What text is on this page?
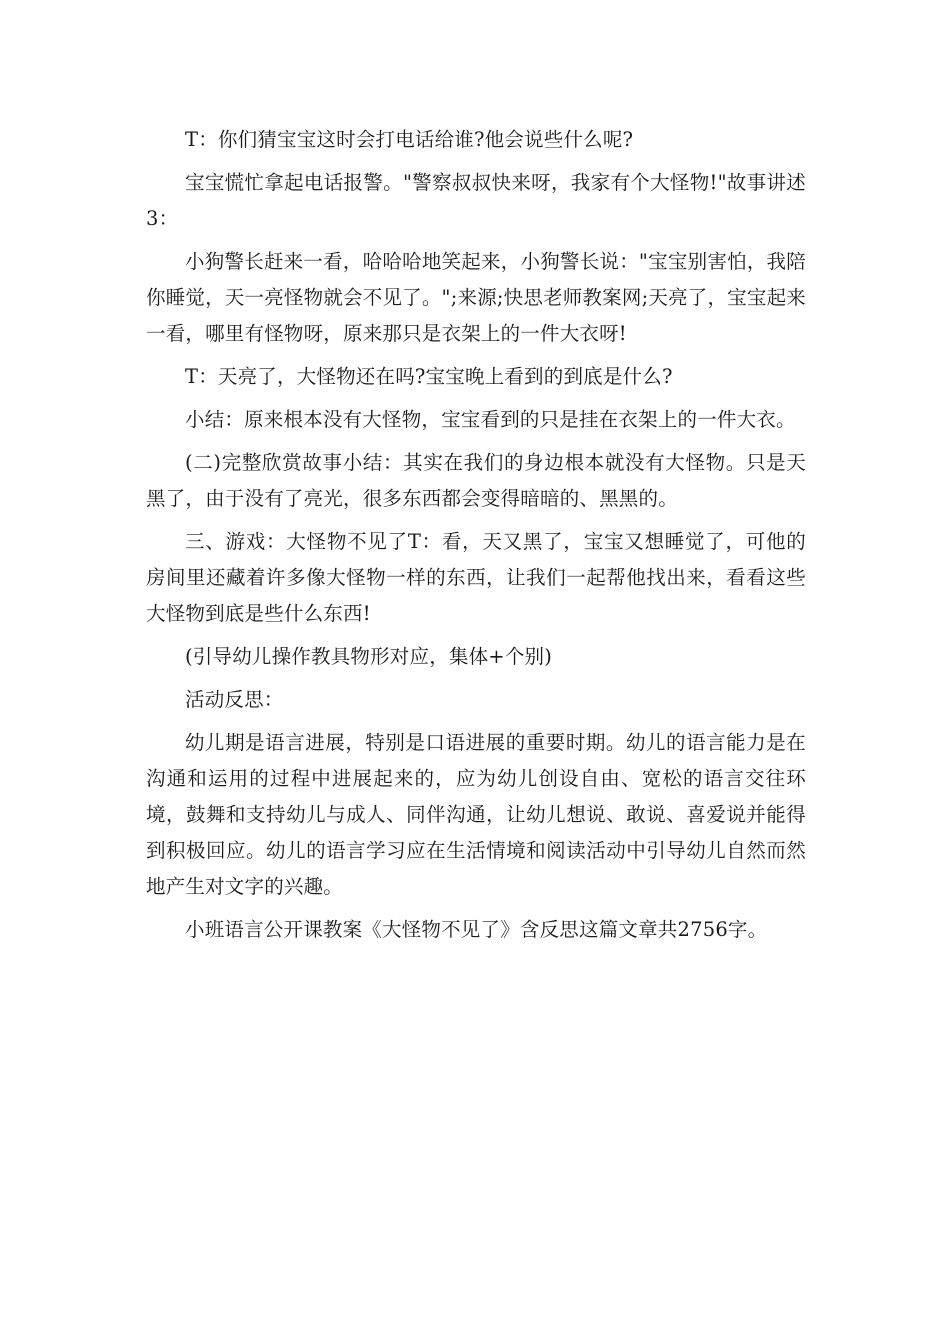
T：你们猜宝宝这时会打电话给谁?他会说些什么呢?

宝宝慌忙拿起电话报警。"警察叔叔快来呀，我家有个大怪物!"故事讲述3：

小狗警长赶来一看，哈哈哈地笑起来，小狗警长说："宝宝别害怕，我陪你睡觉，天一亮怪物就会不见了。";来源;快思老师教案网;天亮了，宝宝起来一看，哪里有怪物呀，原来那只是衣架上的一件大衣呀!

T：天亮了，大怪物还在吗?宝宝晚上看到的到底是什么?

小结：原来根本没有大怪物，宝宝看到的只是挂在衣架上的一件大衣。

(二)完整欣赏故事小结：其实在我们的身边根本就没有大怪物。只是天黑了，由于没有了亮光，很多东西都会变得暗暗的、黑黑的。

三、游戏：大怪物不见了T：看，天又黑了，宝宝又想睡觉了，可他的房间里还藏着许多像大怪物一样的东西，让我们一起帮他找出来，看看这些大怪物到底是些什么东西!

(引导幼儿操作教具物形对应，集体+个别)

活动反思：

幼儿期是语言进展，特别是口语进展的重要时期。幼儿的语言能力是在沟通和运用的过程中进展起来的，应为幼儿创设自由、宽松的语言交往环境，鼓舞和支持幼儿与成人、同伴沟通，让幼儿想说、敢说、喜爱说并能得到积极回应。幼儿的语言学习应在生活情境和阅读活动中引导幼儿自然而然地产生对文字的兴趣。

小班语言公开课教案《大怪物不见了》含反思这篇文章共2756字。
